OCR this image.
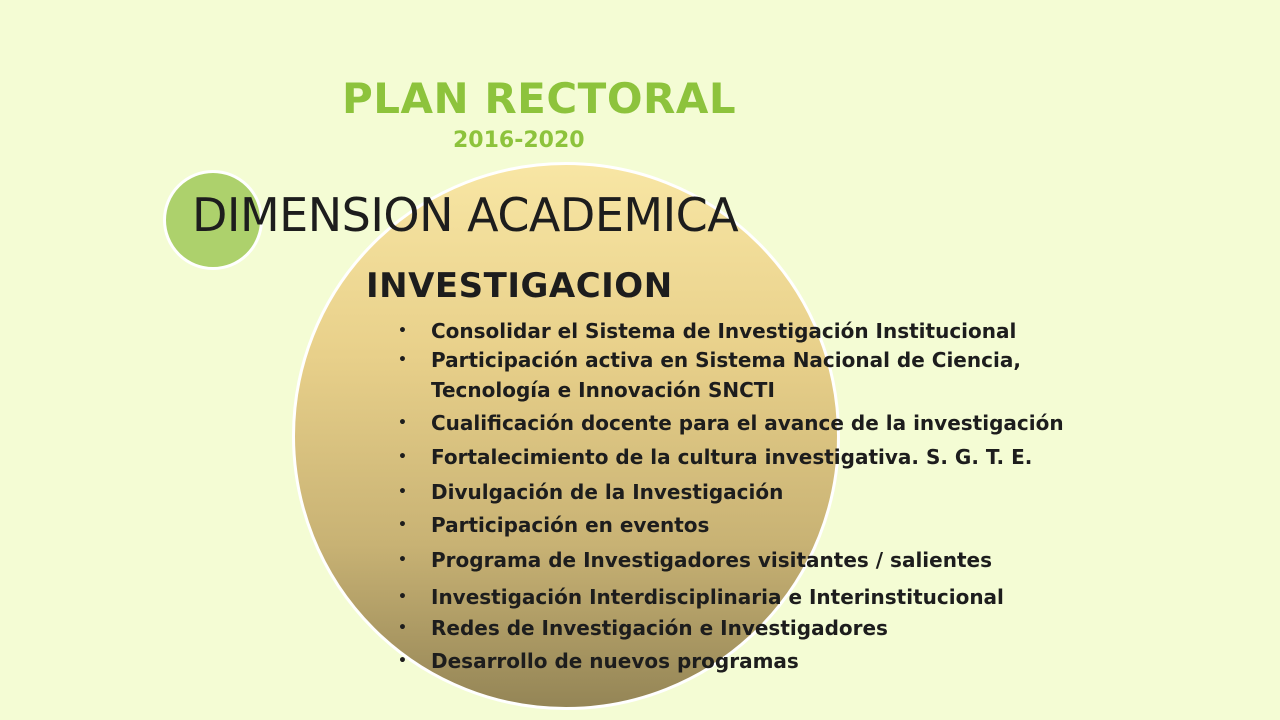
PLAN RECTORAL
2016-2020
DIMENSION ACADEMICA
INVESTIGACION
• Consolidar el Sistema de Investigación Institucional
• Participación activa en Sistema Nacional de Ciencia,
Tecnología e Innovación SNCTI
• Cualificación docente para el avance de la investigación
• Fortalecimiento de la cultura investigativa. S. G. T. E.
• Divulgación de la Investigación
• Participación en eventos
• Programa de Investigadores visitantes / salientes
• Investigación Interdisciplinaria e Interinstitucional
• Redes de Investigación e Investigadores
• Desarrollo de nuevos programas
